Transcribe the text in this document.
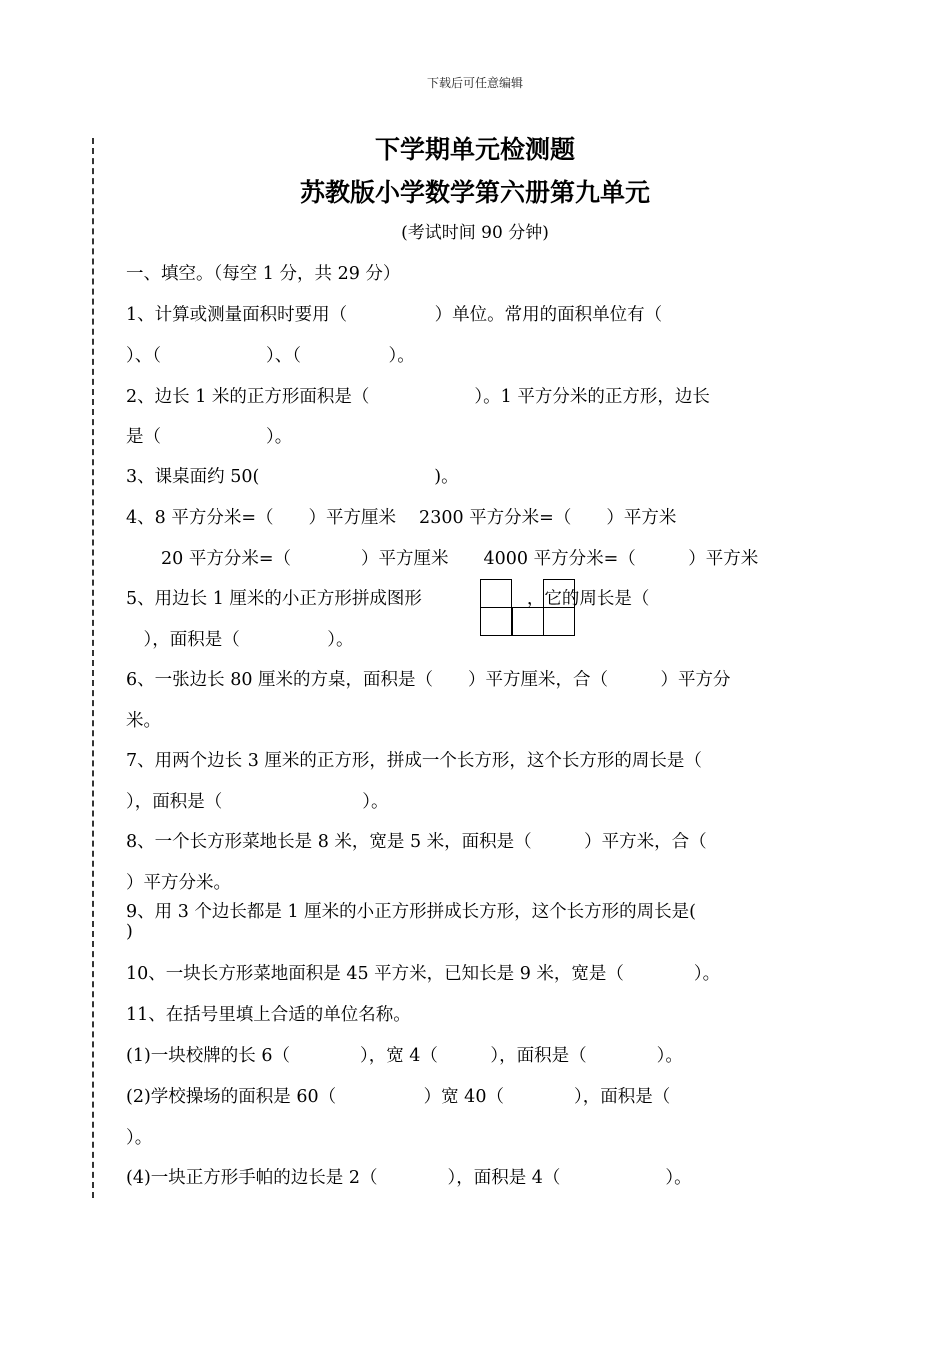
下载后可任意编辑
下学期单元检测题
苏教版小学数学第六册第九单元
(考试时间 90 分钟)
一、填空。（每空 1 分，共 29 分）
1、计算或测量面积时要用（　　　　　）单位。常用的面积单位有（
）、（　　　　　　）、（　　　　　）。
2、边长 1 米的正方形面积是（　　　　　　）。1 平方分米的正方形，边长
是（　　　　　　）。
3、课桌面约 50(　　　　　　　　　　)。
4、8 平方分米=（　　）平方厘米　 2300 平方分米=（　　）平方米
　　20 平方分米=（　　　　）平方厘米　　4000 平方分米=（　　　）平方米
5、用边长 1 厘米的小正方形拼成图形　　　　　　，它的周长是（
　），面积是（　　　　　）。
6、一张边长 80 厘米的方桌，面积是（　　）平方厘米，合（　　　）平方分
米。
7、用两个边长 3 厘米的正方形，拼成一个长方形，这个长方形的周长是（
），面积是（　　　　　　　　）。
8、一个长方形菜地长是 8 米，宽是 5 米，面积是（　　　）平方米，合（
）平方分米。
9、用 3 个边长都是 1 厘米的小正方形拼成长方形，这个长方形的周长是(
)
10、一块长方形菜地面积是 45 平方米，已知长是 9 米，宽是（　　　　）。
11、在括号里填上合适的单位名称。
(1)一块校牌的长 6（　　　　），宽 4（　　　），面积是（　　　　）。
(2)学校操场的面积是 60（　　　　　）宽 40（　　　　），面积是（
）。
(4)一块正方形手帕的边长是 2（　　　　），面积是 4（　　　　　　）。
